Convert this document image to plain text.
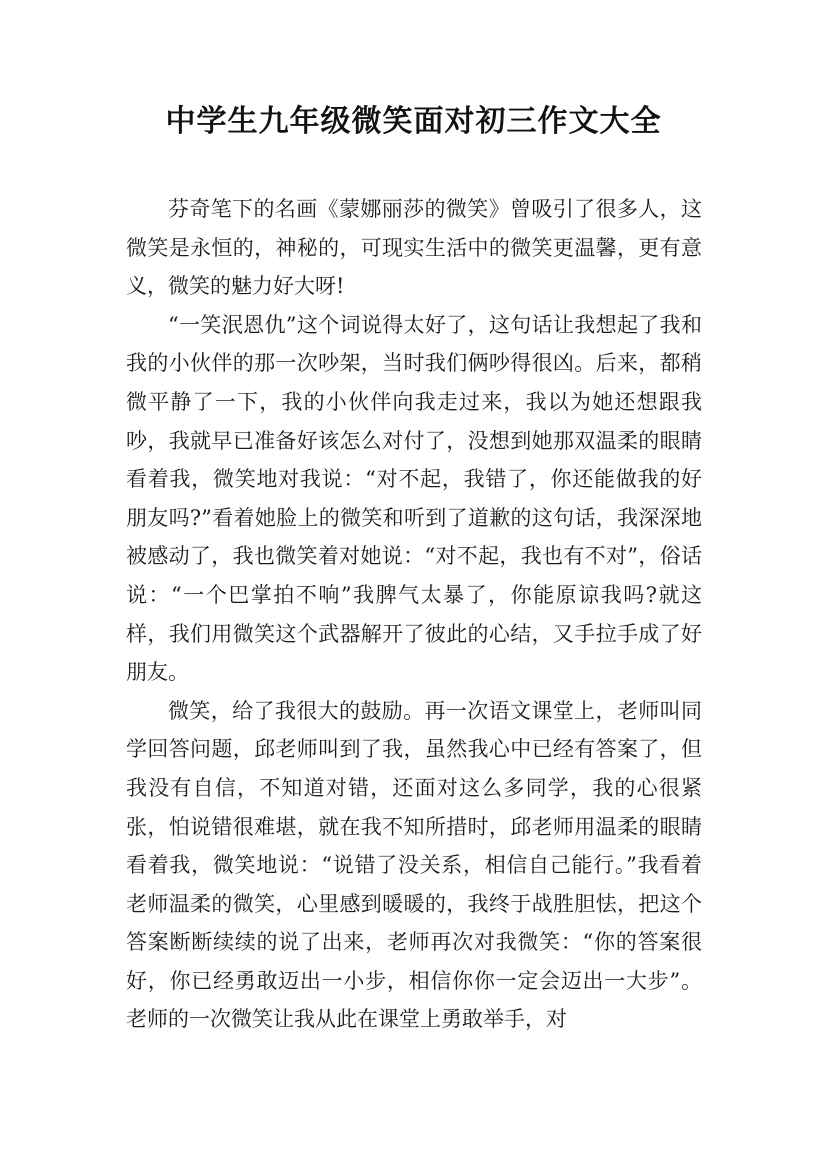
中学生九年级微笑面对初三作文大全

芬奇笔下的名画《蒙娜丽莎的微笑》曾吸引了很多人，这微笑是永恒的，神秘的，可现实生活中的微笑更温馨，更有意义，微笑的魅力好大呀!

“一笑泯恩仇”这个词说得太好了，这句话让我想起了我和我的小伙伴的那一次吵架，当时我们俩吵得很凶。后来，都稍微平静了一下，我的小伙伴向我走过来，我以为她还想跟我吵，我就早已准备好该怎么对付了，没想到她那双温柔的眼睛看着我，微笑地对我说：“对不起，我错了，你还能做我的好朋友吗?”看着她脸上的微笑和听到了道歉的这句话，我深深地被感动了，我也微笑着对她说：“对不起，我也有不对”，俗话说：“一个巴掌拍不响”我脾气太暴了，你能原谅我吗?就这样，我们用微笑这个武器解开了彼此的心结，又手拉手成了好朋友。

微笑，给了我很大的鼓励。再一次语文课堂上，老师叫同学回答问题，邱老师叫到了我，虽然我心中已经有答案了，但我没有自信，不知道对错，还面对这么多同学，我的心很紧张，怕说错很难堪，就在我不知所措时，邱老师用温柔的眼睛看着我，微笑地说：“说错了没关系，相信自己能行。”我看着老师温柔的微笑，心里感到暖暖的，我终于战胜胆怯，把这个答案断断续续的说了出来，老师再次对我微笑：“你的答案很好，你已经勇敢迈出一小步，相信你你一定会迈出一大步”。老师的一次微笑让我从此在课堂上勇敢举手，对
